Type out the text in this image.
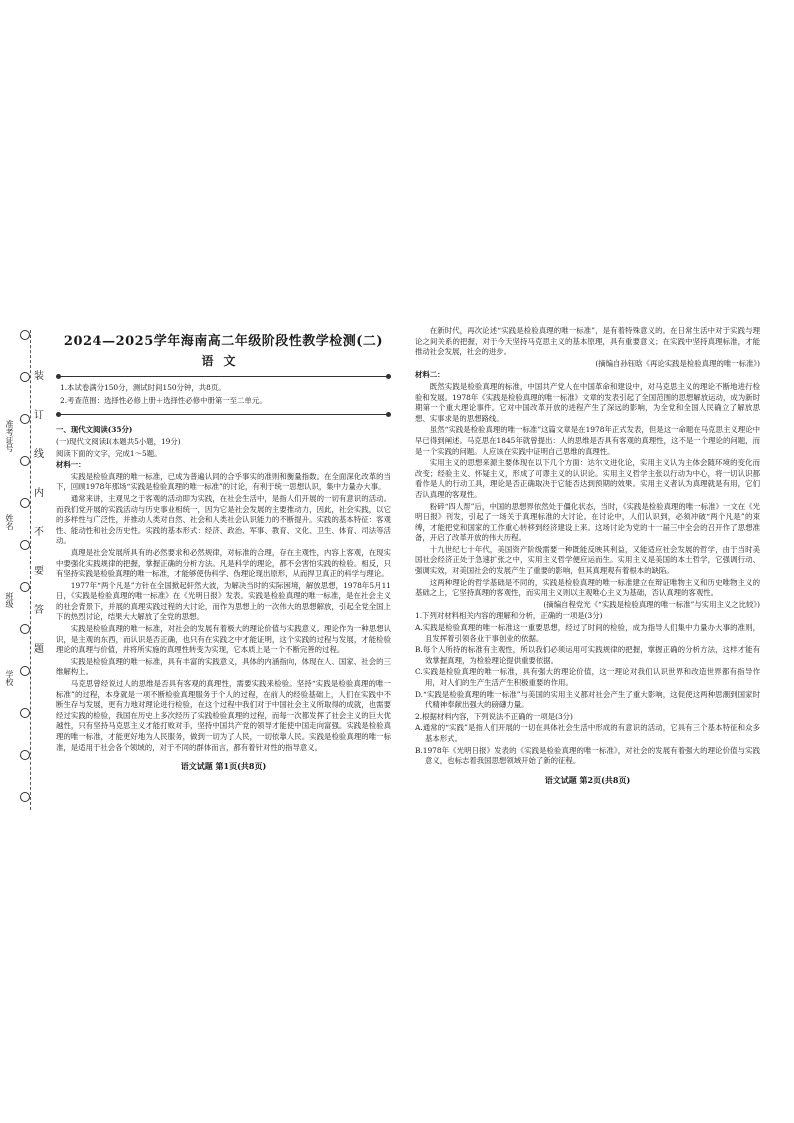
装
订
线
内
不
要
答
题
准考证号
姓名
班级
学校
2024—2025学年海南高二年级阶段性教学检测(二)
语文

1.本试卷满分150分，测试时间150分钟，共8页。

2.考查范围：选择性必修上册＋选择性必修中册第一至二单元。

一、现代文阅读(35分)
(一)现代文阅读Ⅰ(本题共5小题，19分)
阅读下面的文字，完成1～5题。
材料一：

实践是检验真理的唯一标准，已成为普遍认同的合乎事实的准则和衡量指数。在全面深化改革的当下，回顾1978年那场“实践是检验真理的唯一标准”的讨论，有利于统一思想认识，集中力量办大事。

通常来讲，主观见之于客观的活动即为实践，在社会生活中，是指人们开展的一切有意识的活动。而我们党开展的实践活动与历史事业相统一，因为它是社会发展的主要推动力，因此，社会实践，以它的多样性与广泛性，并推动人类对自然、社会和人类社会认识能力的不断提升。实践的基本特征：客观性、能动性和社会历史性。实践的基本形式：经济、政治、军事、教育、文化、卫生、体育、司法等活动。

真理是社会发展所具有的必然要求和必然规律，对标准的合理，存在主观性，内容上客观，在现实中要强化实践规律的把握，掌握正确的分析方法。凡是科学的理论，都不会害怕实践的检验。相反，只有坚持实践是检验真理的唯一标准，才能够使伪科学、伪理论现出原形，从而捍卫真正的科学与理论。

1977年“两个凡是”方针在全国掀起轩然大波，为解决当时的实际困境，解放思想，1978年5月11日，《实践是检验真理的唯一标准》在《光明日报》发表。实践是检验真理的唯一标准，是在社会主义的社会背景下，并展的真理实践过程的大讨论，而作为思想上的一次伟大的思想解放，引起全党全国上下的热烈讨论，结果大大解放了全党的思想。

实践是检验真理的唯一标准，对社会的发展有着极大的理论价值与实践意义。理论作为一种思想认识，是主观的东西，而认识是否正确，也只有在实践之中才能证明，这个实践的过程与发展，才能检验理论的真理与价值，并将所实施的真理性转变为实现，它本质上是一个不断完善的过程。

实践是检验真理的唯一标准，具有丰富的实践意义，具体的内涵指向，体现在人、国家、社会的三维解构上。

马克思曾经说过人的思维是否具有客观的真理性，需要实践来检验。坚持“实践是检验真理的唯一标准”的过程，本身就是一项不断检验真理服务于个人的过程，在前人的经验基础上，人们在实践中不断生存与发展，更有力地对理论进行检验，在这个过程中我们对于中国社会主义所取得的成就，也需要经过实践的检验，我国在历史上多次经历了实践检验真理的过程，而每一次都发挥了社会主义的巨大优越性，只有坚持马克思主义才能打败对手，坚持中国共产党的领导才能使中国走向富强。实践是检验真理的唯一标准，才能更好地为人民服务，做到一切为了人民，一切依靠人民。实践是检验真理的唯一标准，是适用于社会各个领域的，对于不同的群体而言，都有着针对性的指导意义。

语文试题 第1页(共8页)

在新时代，再次论述“实践是检验真理的唯一标准”，是有着特殊意义的。在日常生活中对于实践与理论之间关系的把握，对于今天坚持马克思主义的基本原理，具有重要意义；在实践中坚持真理标准，才能推动社会发展，社会的进步。

(摘编自孙钰晗《再论实践是检验真理的唯一标准》)
材料二：

既然实践是检验真理的标准，中国共产党人在中国革命和建设中，对马克思主义的理论不断地进行检验和发展。1978年《实践是检验真理的唯一标准》文章的发表引起了全国范围的思想解放运动，成为新时期第一个重大理论事件。它对中国改革开放的进程产生了深远的影响，为全党和全国人民确立了解放思想、实事求是的思想路线。

虽然“实践是检验真理的唯一标准”这篇文章是在1978年正式发表，但是这一命题在马克思主义理论中早已得到阐述。马克思在1845年就曾提出：人的思维是否具有客观的真理性，这不是一个理论的问题，而是一个实践的问题。人应该在实践中证明自己思维的真理性。

实用主义的思想来源主要体现在以下几个方面：达尔文进化论，实用主义认为主体会随环境的变化而改变；经验主义、怀疑主义，形成了可谬主义的认识论。实用主义哲学主张以行动为中心，将一切认识都看作是人的行动工具，理论是否正确取决于它能否达到预期的效果。实用主义者认为真理就是有用，它们否认真理的客观性。

粉碎“四人帮”后，中国的思想界依然处于僵化状态，当时，《实践是检验真理的唯一标准》一文在《光明日报》刊发，引起了一场关于真理标准的大讨论。在讨论中，人们认识到，必须冲破“两个凡是”的束缚，才能把党和国家的工作重心转移到经济建设上来。这场讨论为党的十一届三中全会的召开作了思想准备，开启了改革开放的伟大历程。

十九世纪七十年代，美国资产阶级需要一种既能反映其利益，又能适应社会发展的哲学，由于当时美国社会经济正处于急速扩张之中，实用主义哲学便应运而生。实用主义是美国的本土哲学，它强调行动、强调实效，对美国社会的发展产生了重要的影响，但其真理观有着根本的缺陷。

这两种理论的哲学基础是不同的，实践是检验真理的唯一标准建立在辩证唯物主义和历史唯物主义的基础之上，它坚持真理的客观性，而实用主义则以主观唯心主义为基础，否认真理的客观性。

(摘编自程党光《“实践是检验真理的唯一标准”与实用主义之比较》)
1.下列对材料相关内容的理解和分析，正确的一项是(3分)
A.实践是检验真理的唯一标准这一重要思想，经过了时间的检验，成为指导人们集中力量办大事的准则，且发挥着引领各业干事创业的依据。
B.每个人所持的标准有主观性，所以我们必须运用可实践规律的把握，掌握正确的分析方法，这样才能有效掌握真理，为检验理论提供重要依据。
C.实践是检验真理的唯一标准，具有强大的理论价值，这一理论对我们认识世界和改造世界都有指导作用，对人们的生产生活产生积极重要的作用。
D.“实践是检验真理的唯一标准”与美国的实用主义都对社会产生了重大影响，这促使这两种思潮到国家时代精神奉献出强大的磅礴力量。
2.根据材料内容，下列说法不正确的一项是(3分)
A.通常的“实践”是指人们开展的一切在具体社会生活中形成的有意识的活动，它具有三个基本特征和众多基本形式。
B.1978年《光明日报》发表的《实践是检验真理的唯一标准》，对社会的发展有着强大的理论价值与实践意义，也标志着我国思想领域开始了新的征程。
语文试题 第2页(共8页)
